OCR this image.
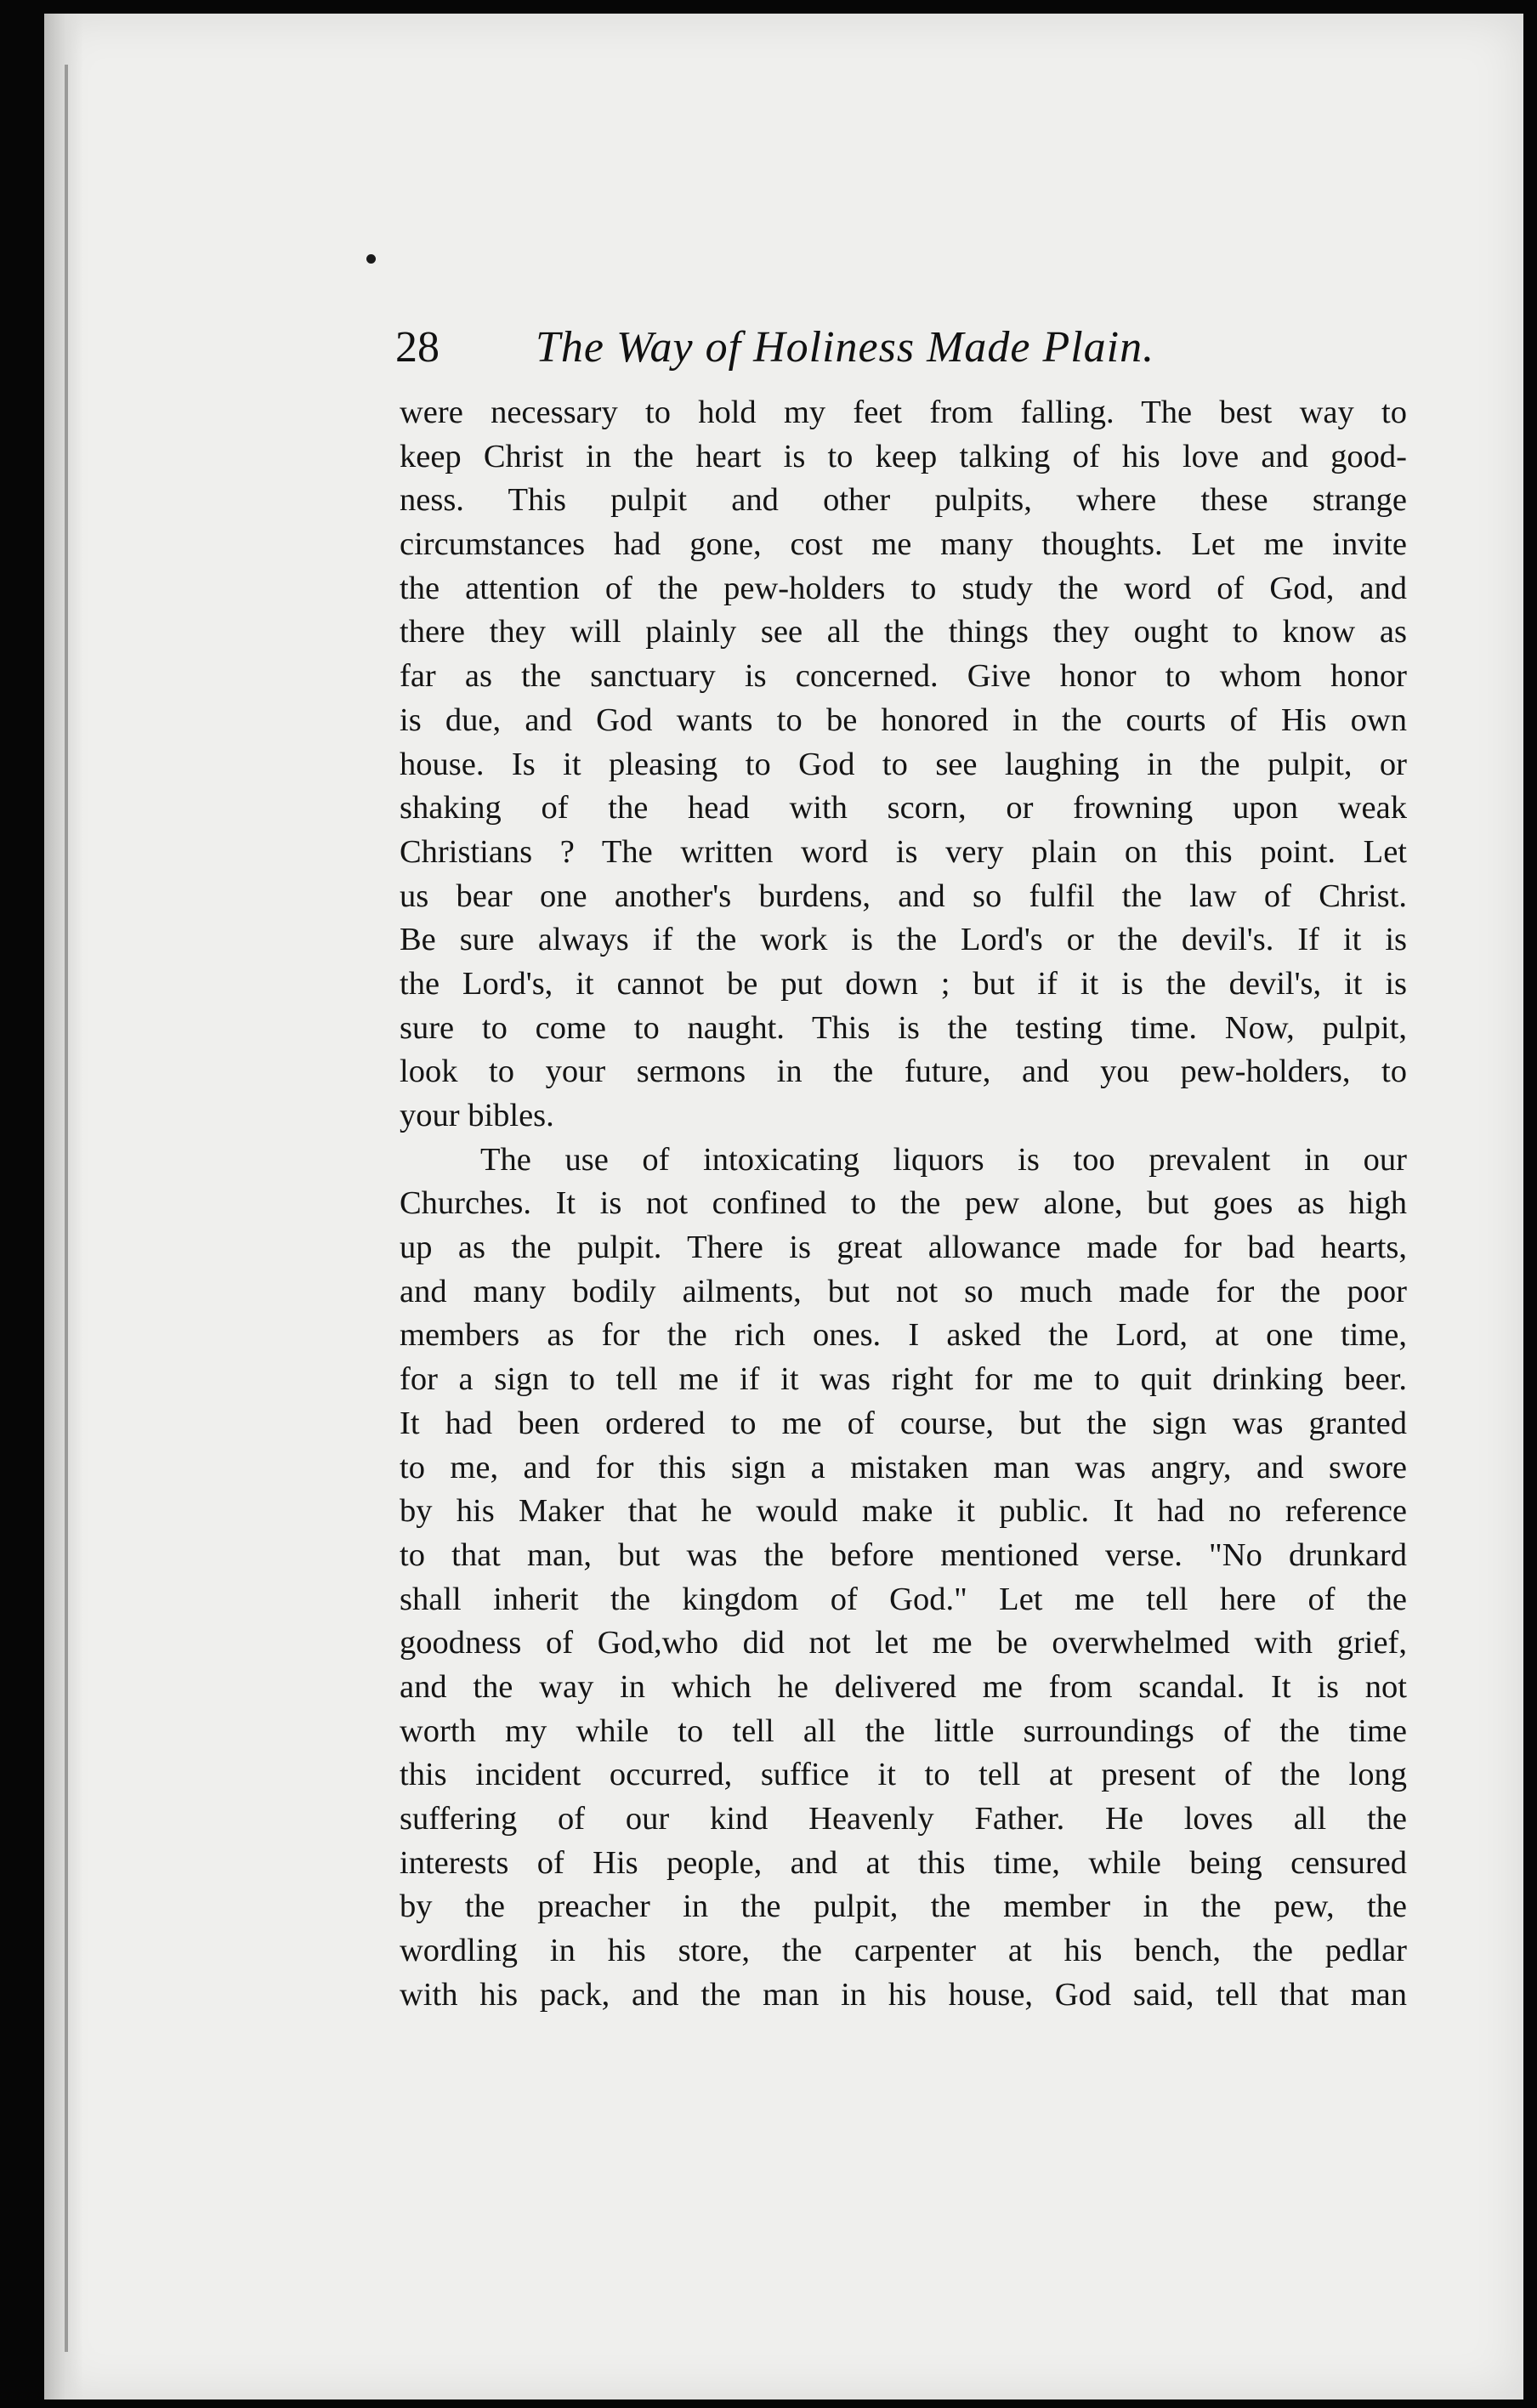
28 The Way of Holiness Made Plain.
were necessary to hold my feet from falling. The best way to
keep Christ in the heart is to keep talking of his love and good-
ness. This pulpit and other pulpits, where these strange
circumstances had gone, cost me many thoughts. Let me invite
the attention of the pew-holders to study the word of God, and
there they will plainly see all the things they ought to know as
far as the sanctuary is concerned. Give honor to whom honor
is due, and God wants to be honored in the courts of His own
house. Is it pleasing to God to see laughing in the pulpit, or
shaking of the head with scorn, or frowning upon weak
Christians ? The written word is very plain on this point. Let
us bear one another's burdens, and so fulfil the law of Christ.
Be sure always if the work is the Lord's or the devil's. If it is
the Lord's, it cannot be put down ; but if it is the devil's, it is
sure to come to naught. This is the testing time. Now, pulpit,
look to your sermons in the future, and you pew-holders, to
your bibles.
The use of intoxicating liquors is too prevalent in our
Churches. It is not confined to the pew alone, but goes as high
up as the pulpit. There is great allowance made for bad hearts,
and many bodily ailments, but not so much made for the poor
members as for the rich ones. I asked the Lord, at one time,
for a sign to tell me if it was right for me to quit drinking beer.
It had been ordered to me of course, but the sign was granted
to me, and for this sign a mistaken man was angry, and swore
by his Maker that he would make it public. It had no reference
to that man, but was the before mentioned verse. "No drunkard
shall inherit the kingdom of God." Let me tell here of the
goodness of God,who did not let me be overwhelmed with grief,
and the way in which he delivered me from scandal. It is not
worth my while to tell all the little surroundings of the time
this incident occurred, suffice it to tell at present of the long
suffering of our kind Heavenly Father. He loves all the
interests of His people, and at this time, while being censured
by the preacher in the pulpit, the member in the pew, the
wordling in his store, the carpenter at his bench, the pedlar
with his pack, and the man in his house, God said, tell that man
